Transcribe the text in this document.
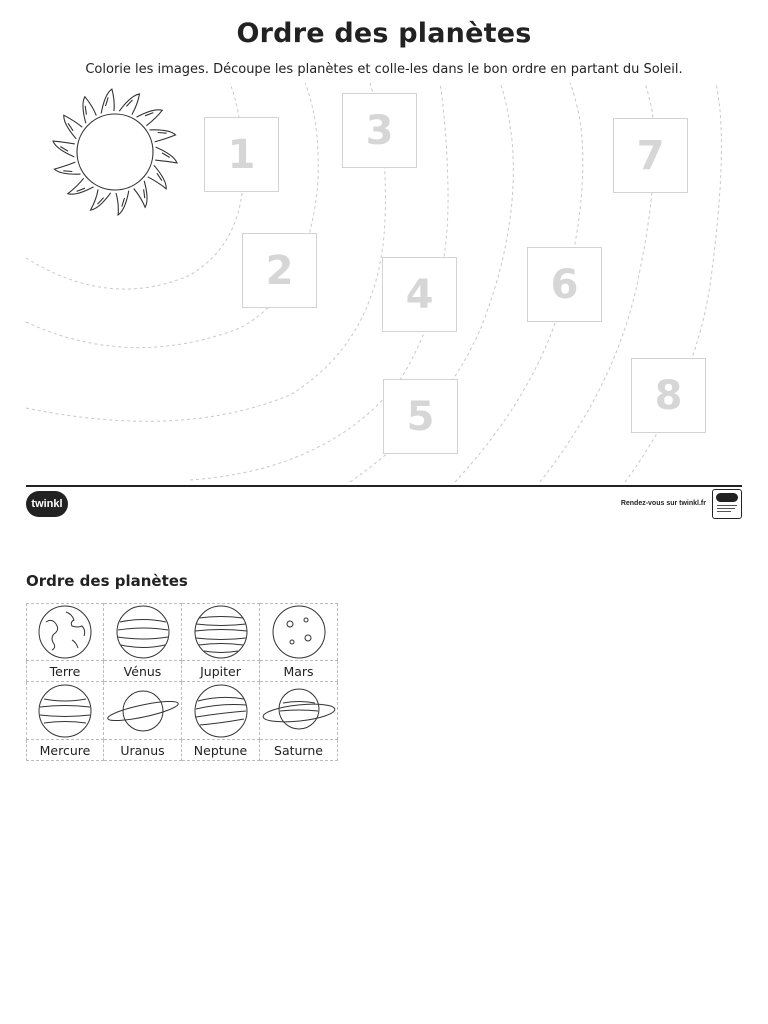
Ordre des planètes
Colorie les images. Découpe les planètes et colle-les dans le bon ordre en partant du Soleil.
1
2
3
4
5
6
7
8
twinkl	Rendez-vous sur twinkl.fr
Ordre des planètes
Terre	Vénus	Jupiter	Mars
Mercure Uranus Neptune Saturne
